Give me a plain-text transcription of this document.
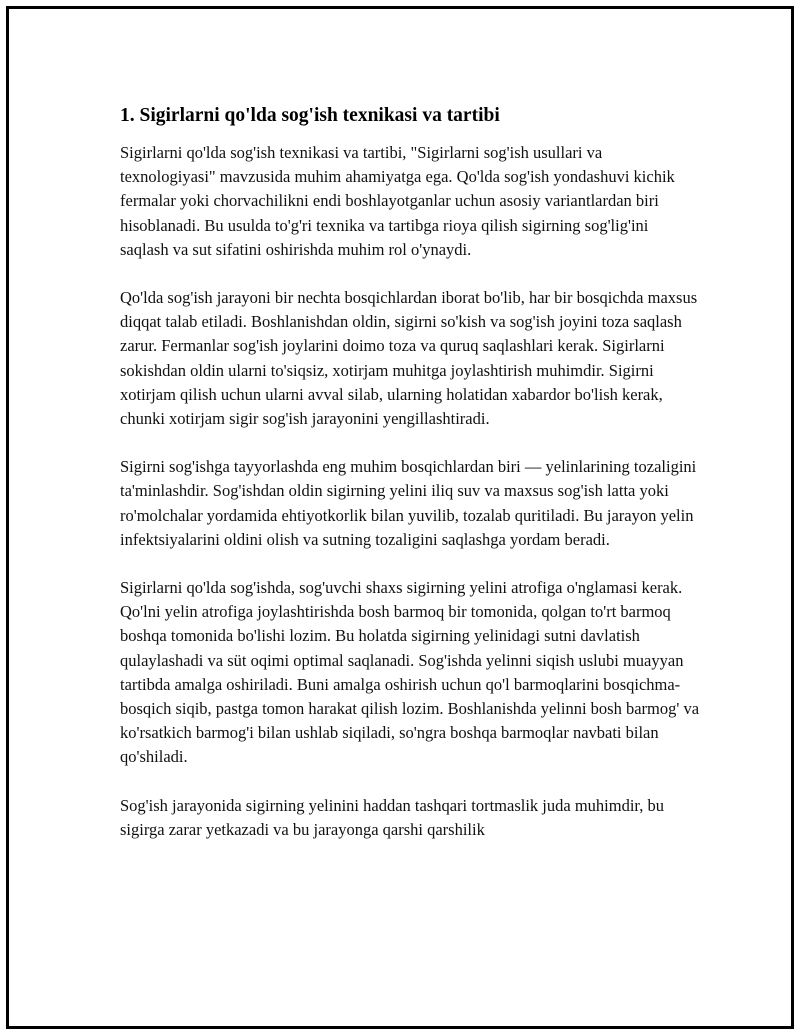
1. Sigirlarni qo'lda sog'ish texnikasi va tartibi

Sigirlarni qo'lda sog'ish texnikasi va tartibi, "Sigirlarni sog'ish usullari va texnologiyasi" mavzusida muhim ahamiyatga ega. Qo'lda sog'ish yondashuvi kichik fermalar yoki chorvachilikni endi boshlayotganlar uchun asosiy variantlardan biri hisoblanadi. Bu usulda to'g'ri texnika va tartibga rioya qilish sigirning sog'lig'ini saqlash va sut sifatini oshirishda muhim rol o'ynaydi.

Qo'lda sog'ish jarayoni bir nechta bosqichlardan iborat bo'lib, har bir bosqichda maxsus diqqat talab etiladi. Boshlanishdan oldin, sigirni so'kish va sog'ish joyini toza saqlash zarur. Fermanlar sog'ish joylarini doimo toza va quruq saqlashlari kerak. Sigirlarni sokishdan oldin ularni to'siqsiz, xotirjam muhitga joylashtirish muhimdir. Sigirni xotirjam qilish uchun ularni avval silab, ularning holatidan xabardor bo'lish kerak, chunki xotirjam sigir sog'ish jarayonini yengillashtiradi.

Sigirni sog'ishga tayyorlashda eng muhim bosqichlardan biri — yelinlarining tozaligini ta'minlashdir. Sog'ishdan oldin sigirning yelini iliq suv va maxsus sog'ish latta yoki ro'molchalar yordamida ehtiyotkorlik bilan yuvilib, tozalab quritiladi. Bu jarayon yelin infektsiyalarini oldini olish va sutning tozaligini saqlashga yordam beradi.

Sigirlarni qo'lda sog'ishda, sog'uvchi shaxs sigirning yelini atrofiga o'nglamasi kerak. Qo'lni yelin atrofiga joylashtirishda bosh barmoq bir tomonida, qolgan to'rt barmoq boshqa tomonida bo'lishi lozim. Bu holatda sigirning yelinidagi sutni davlatish qulaylashadi va süt oqimi optimal saqlanadi. Sog'ishda yelinni siqish uslubi muayyan tartibda amalga oshiriladi. Buni amalga oshirish uchun qo'l barmoqlarini bosqichma-bosqich siqib, pastga tomon harakat qilish lozim. Boshlanishda yelinni bosh barmog' va ko'rsatkich barmog'i bilan ushlab siqiladi, so'ngra boshqa barmoqlar navbati bilan qo'shiladi.

Sog'ish jarayonida sigirning yelinini haddan tashqari tortmaslik juda muhimdir, bu sigirga zarar yetkazadi va bu jarayonga qarshi qarshilik
